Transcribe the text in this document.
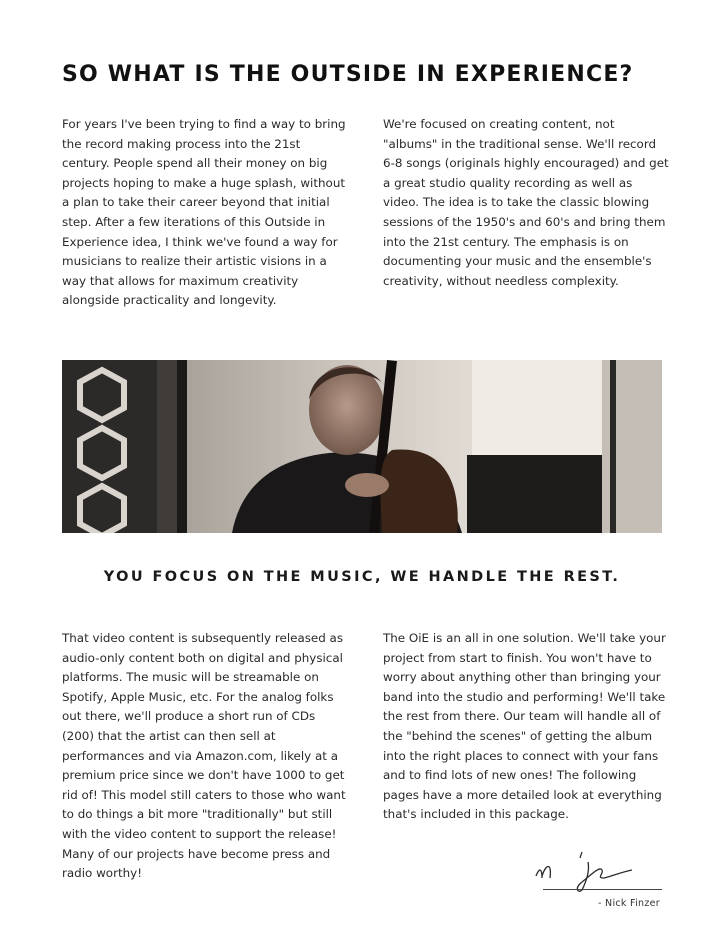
SO WHAT IS THE OUTSIDE IN EXPERIENCE?

For years I've been trying to find a way to bring the record making process into the 21st century. People spend all their money on big projects hoping to make a huge splash, without a plan to take their career beyond that initial step. After a few iterations of this Outside in Experience idea, I think we've found a way for musicians to realize their artistic visions in a way that allows for maximum creativity alongside practicality and longevity.

We're focused on creating content, not "albums" in the traditional sense. We'll record 6-8 songs (originals highly encouraged) and get a great studio quality recording as well as video. The idea is to take the classic blowing sessions of the 1950's and 60's and bring them into the 21st century. The emphasis is on documenting your music and the ensemble's creativity, without needless complexity.

YOU FOCUS ON THE MUSIC, WE HANDLE THE REST.

That video content is subsequently released as audio-only content both on digital and physical platforms. The music will be streamable on Spotify, Apple Music, etc. For the analog folks out there, we'll produce a short run of CDs (200) that the artist can then sell at performances and via Amazon.com, likely at a premium price since we don't have 1000 to get rid of! This model still caters to those who want to do things a bit more "traditionally" but still with the video content to support the release! Many of our projects have become press and radio worthy!

The OiE is an all in one solution. We'll take your project from start to finish. You won't have to worry about anything other than bringing your band into the studio and performing! We'll take the rest from there. Our team will handle all of the "behind the scenes" of getting the album into the right places to connect with your fans and to find lots of new ones! The following pages have a more detailed look at everything that's included in this package.

- Nick Finzer
